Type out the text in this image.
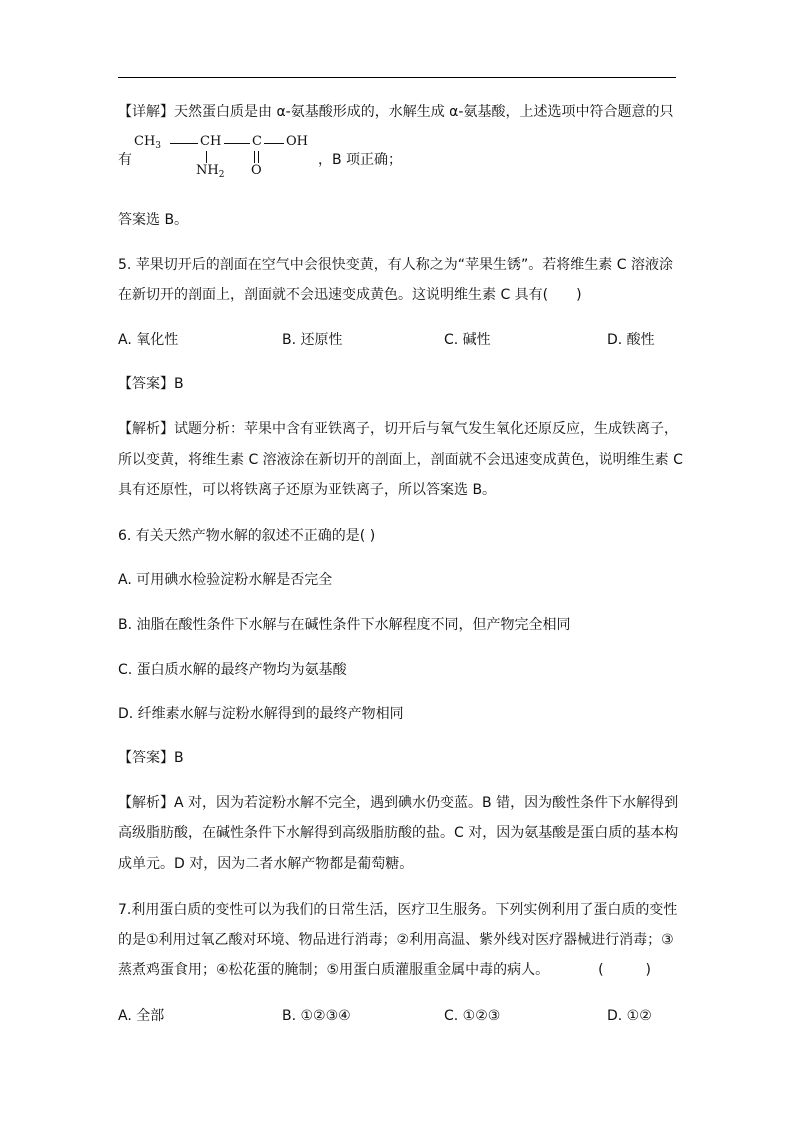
【详解】天然蛋白质是由 α-氨基酸形成的，水解生成 α-氨基酸，上述选项中符合题意的只
有
$CH_3$	CH C OH
$NH_2$ O
，B 项正确；
答案选 B。
5. 苹果切开后的剖面在空气中会很快变黄，有人称之为“苹果生锈”。若将维生素 C 溶液涂
在新切开的剖面上，剖面就不会迅速变成黄色。这说明维生素 C 具有(　　)
A. 氧化性	B. 还原性	C. 碱性	D. 酸性
【答案】B
【解析】试题分析：苹果中含有亚铁离子，切开后与氧气发生氧化还原反应，生成铁离子，
所以变黄，将维生素 C 溶液涂在新切开的剖面上，剖面就不会迅速变成黄色，说明维生素 C
具有还原性，可以将铁离子还原为亚铁离子，所以答案选 B。
6. 有关天然产物水解的叙述不正确的是( )
A. 可用碘水检验淀粉水解是否完全
B. 油脂在酸性条件下水解与在碱性条件下水解程度不同，但产物完全相同
C. 蛋白质水解的最终产物均为氨基酸
D. 纤维素水解与淀粉水解得到的最终产物相同
【答案】B
【解析】A 对，因为若淀粉水解不完全，遇到碘水仍变蓝。B 错，因为酸性条件下水解得到
高级脂肪酸，在碱性条件下水解得到高级脂肪酸的盐。C 对，因为氨基酸是蛋白质的基本构
成单元。D 对，因为二者水解产物都是葡萄糖。
7.利用蛋白质的变性可以为我们的日常生活，医疗卫生服务。下列实例利用了蛋白质的变性
的是①利用过氧乙酸对环境、物品进行消毒；②利用高温、紫外线对医疗器械进行消毒；③
蒸煮鸡蛋食用；④松花蛋的腌制；⑤用蛋白质灌服重金属中毒的病人。　　　　(　　　)
A. 全部	B. ①②③④	C. ①②③	D. ①②
